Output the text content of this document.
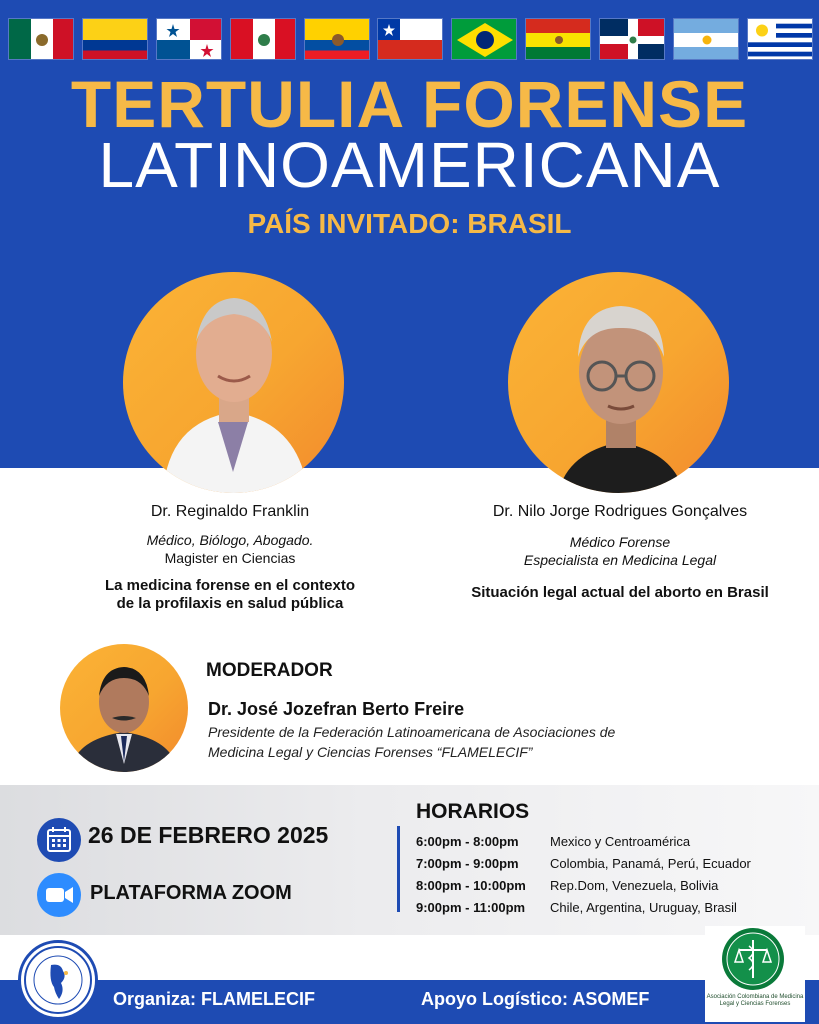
TERTULIA FORENSE
LATINOAMERICANA
PAÍS INVITADO: BRASIL
Dr. Reginaldo Franklin
Médico, Biólogo, Abogado.
Magister en Ciencias
La medicina forense en el contexto
de la profilaxis en salud pública
Dr. Nilo Jorge Rodrigues Gonçalves
Médico Forense
Especialista en Medicina Legal
Situación legal actual del aborto en Brasil
MODERADOR
Dr. José Jozefran Berto Freire
Presidente de la Federación Latinoamericana de Asociaciones de
Medicina Legal y Ciencias Forenses “FLAMELECIF”
26 DE FEBRERO 2025
PLATAFORMA ZOOM
HORARIOS
6:00pm - 8:00pm	Mexico y Centroamérica
7:00pm - 9:00pm	Colombia, Panamá, Perú, Ecuador
8:00pm - 10:00pm	Rep.Dom, Venezuela, Bolivia
9:00pm - 11:00pm	Chile, Argentina, Uruguay, Brasil
Organiza: FLAMELECIF	Apoyo Logístico: ASOMEF	Asociación Colombiana de Medicina Legal y Ciencias Forenses
